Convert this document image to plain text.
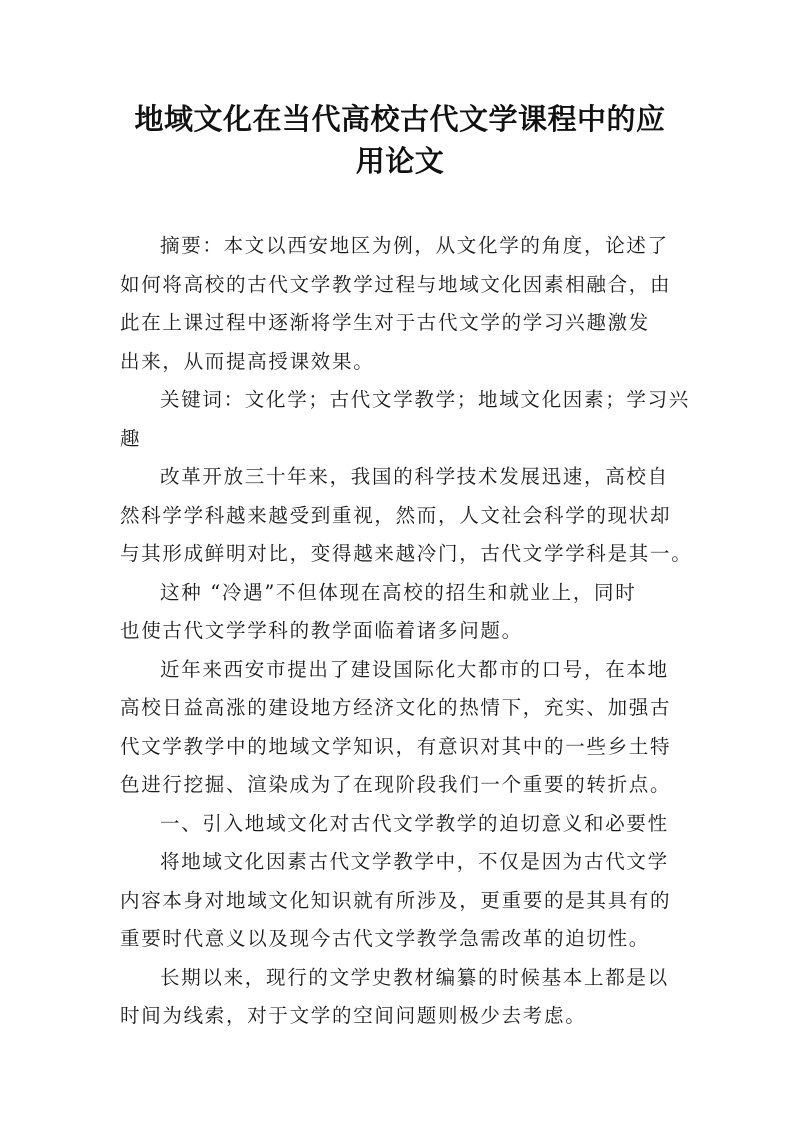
地域文化在当代高校古代文学课程中的应
用论文

摘要：本文以西安地区为例，从文化学的角度，论述了
如何将高校的古代文学教学过程与地域文化因素相融合，由
此在上课过程中逐渐将学生对于古代文学的学习兴趣激发
出来，从而提高授课效果。

关键词：文化学；古代文学教学；地域文化因素；学习兴
趣

改革开放三十年来，我国的科学技术发展迅速，高校自
然科学学科越来越受到重视，然而，人文社会科学的现状却
与其形成鲜明对比，变得越来越冷门，古代文学学科是其一。

这种 “冷遇”不但体现在高校的招生和就业上，同时
也使古代文学学科的教学面临着诸多问题。

近年来西安市提出了建设国际化大都市的口号，在本地
高校日益高涨的建设地方经济文化的热情下，充实、加强古
代文学教学中的地域文学知识，有意识对其中的一些乡土特
色进行挖掘、渲染成为了在现阶段我们一个重要的转折点。

一、引入地域文化对古代文学教学的迫切意义和必要性

将地域文化因素古代文学教学中，不仅是因为古代文学
内容本身对地域文化知识就有所涉及，更重要的是其具有的
重要时代意义以及现今古代文学教学急需改革的迫切性。

长期以来，现行的文学史教材编纂的时候基本上都是以
时间为线索，对于文学的空间问题则极少去考虑。
